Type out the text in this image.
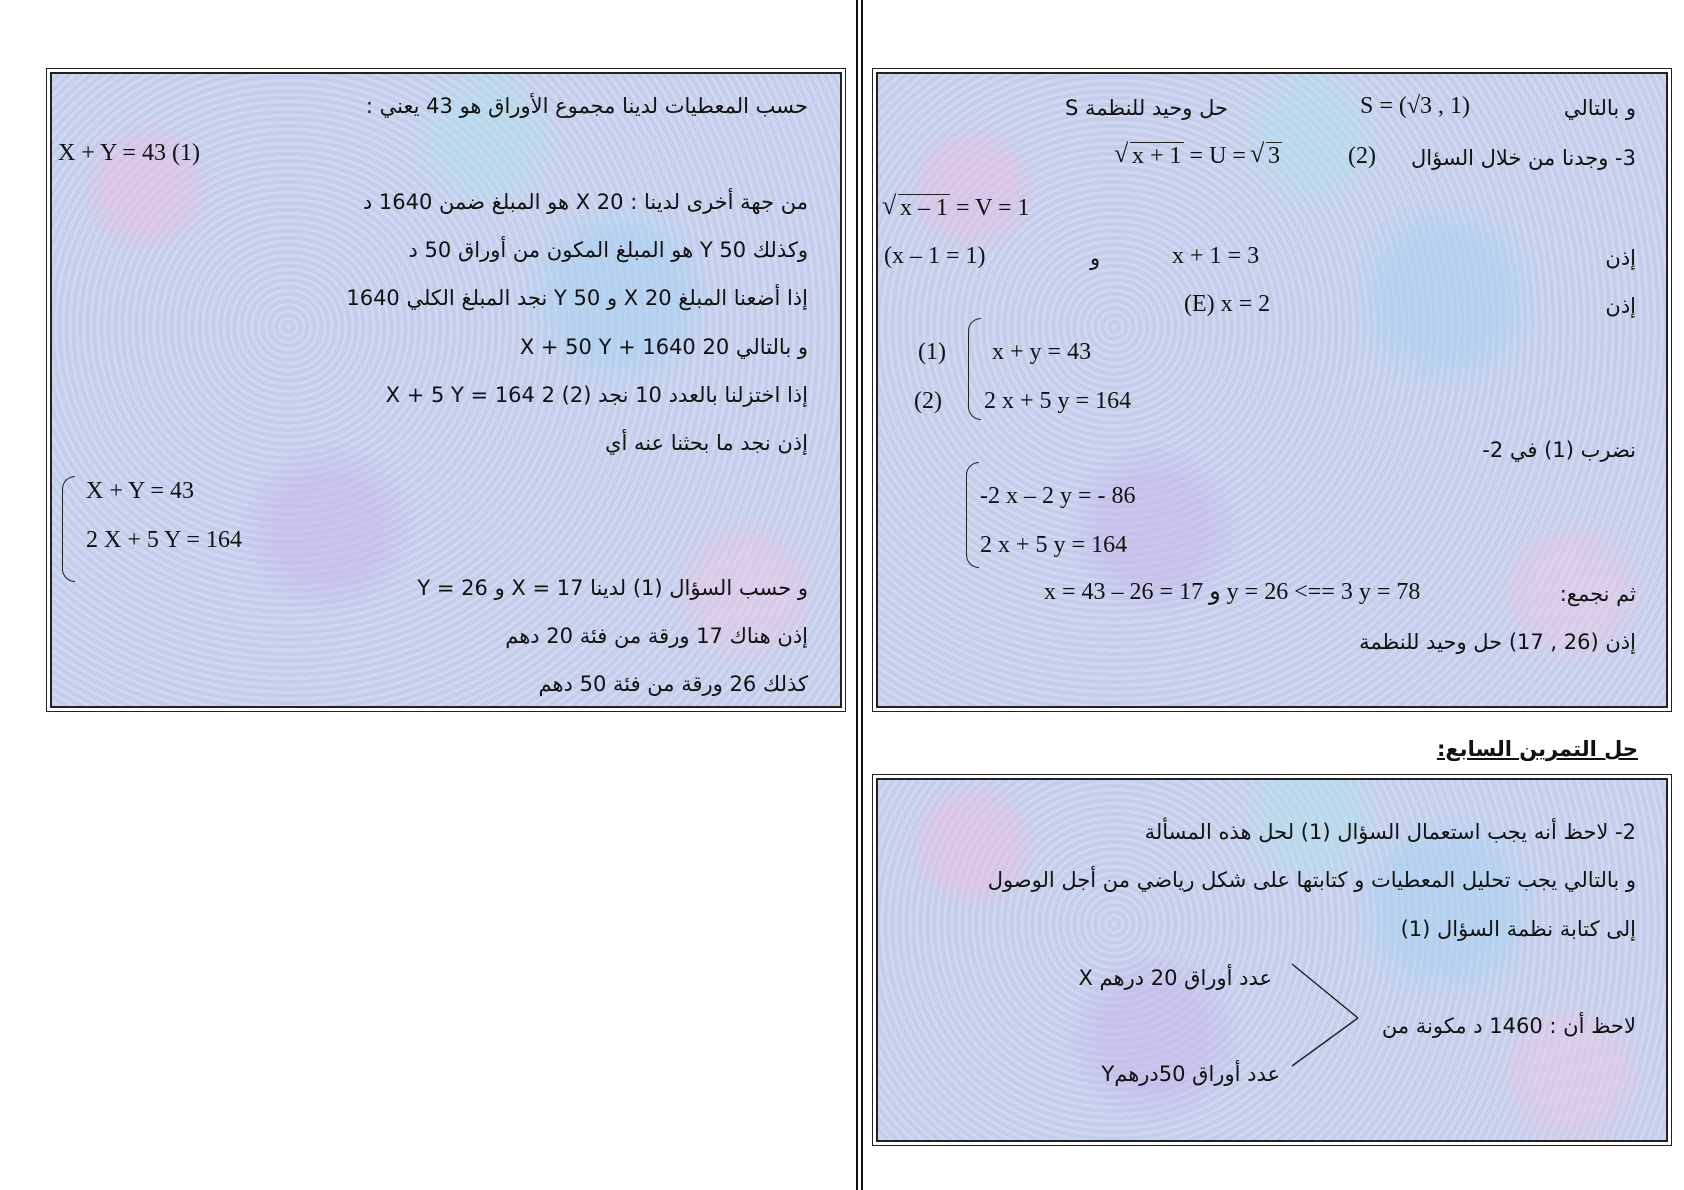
حسب المعطيات لدينا مجموع الأوراق هو 43 يعني :
X + Y = 43 (1)
من جهة أخرى لدينا : X 20 هو المبلغ ضمن 1640 د
وكذلك Y 50 هو المبلغ المكون من أوراق 50 د
إذا أضعنا المبلغ X 20 و Y 50 نجد المبلغ الكلي 1640
و بالتالي 20 X + 50 Y + 1640
إذا اختزلنا بالعدد 10 نجد (2) 2 X + 5 Y = 164
إذن نجد ما بحثنا عنه أي
X + Y = 43
2 X + 5 Y = 164
و حسب السؤال (1) لدينا X = 17 و Y = 26
إذن هناك 17 ورقة من فئة 20 دهم
كذلك 26 ورقة من فئة 50 دهم
و بالتالي
S = (√3 , 1)
حل وحيد للنظمة S
3- وجدنا من خلال السؤال
(2)
√ x + 1 = U = √ 3
√ x – 1 = V = 1
إذن
x + 1 = 3
و
(x – 1 = 1)
إذن
(E) x = 2
(1)
(2)
x + y = 43
2 x + 5 y = 164
نضرب (1) في 2-
-2 x – 2 y = - 86
2 x + 5 y = 164
ثم نجمع:
x = 43 – 26 = 17 و y = 26 <== 3 y = 78
إذن (26 , 17) حل وحيد للنظمة
حل التمرين السابع:
2- لاحظ أنه يجب استعمال السؤال (1) لحل هذه المسألة
و بالتالي يجب تحليل المعطيات و كتابتها على شكل رياضي من أجل الوصول
إلى كتابة نظمة السؤال (1)
X عدد أوراق 20 درهم
لاحظ أن : 1460 د مكونة من
Yعدد أوراق 50درهم
